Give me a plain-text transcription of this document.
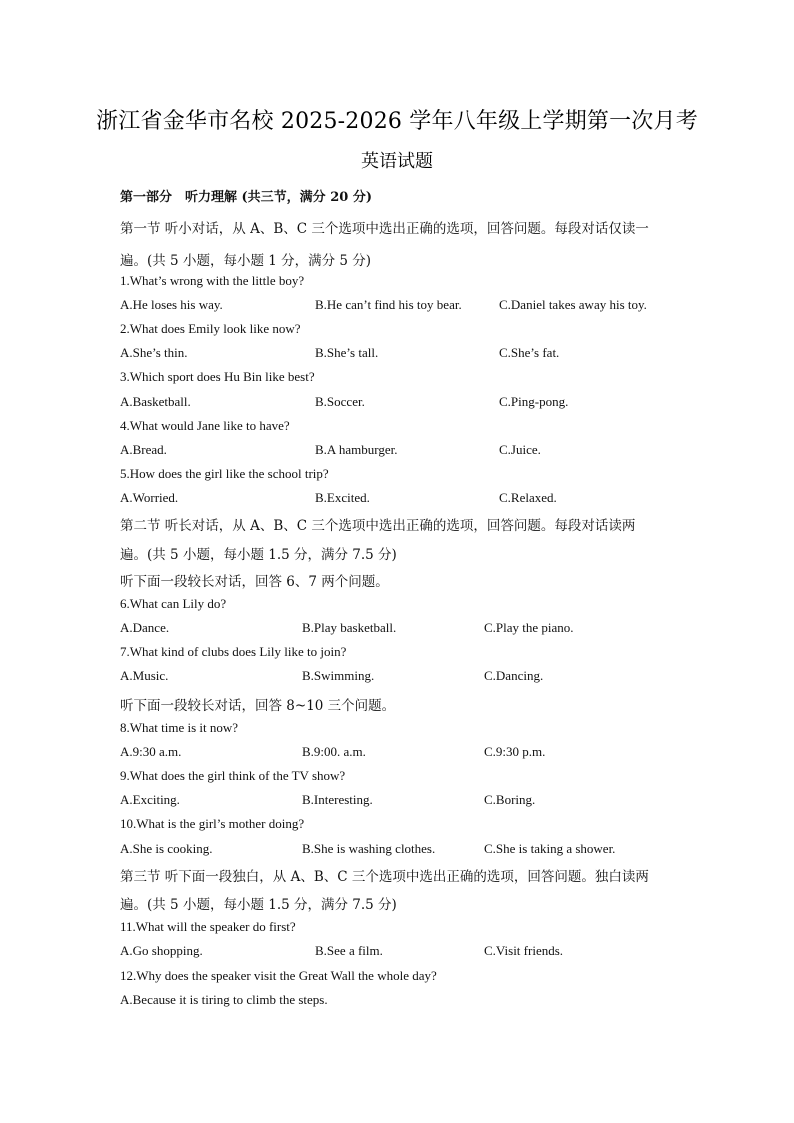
浙江省金华市名校 2025-2026 学年八年级上学期第一次月考
英语试题
第一部分　听力理解 (共三节，满分 20 分)
第一节 听小对话，从 A、B、C 三个选项中选出正确的选项，回答问题。每段对话仅读一
遍。(共 5 小题，每小题 1 分，满分 5 分)
1.What’s wrong with the little boy?
A.He loses his way.	B.He can’t find his toy bear.	C.Daniel takes away his toy.
2.What does Emily look like now?
A.She’s thin.	B.She’s tall.	C.She’s fat.
3.Which sport does Hu Bin like best?
A.Basketball.	B.Soccer.	C.Ping-pong.
4.What would Jane like to have?
A.Bread.	B.A hamburger.	C.Juice.
5.How does the girl like the school trip?
A.Worried.	B.Excited.	C.Relaxed.
第二节 听长对话，从 A、B、C 三个选项中选出正确的选项，回答问题。每段对话读两
遍。(共 5 小题，每小题 1.5 分，满分 7.5 分)
听下面一段较长对话，回答 6、7 两个问题。
6.What can Lily do?
A.Dance.	B.Play basketball.	C.Play the piano.
7.What kind of clubs does Lily like to join?
A.Music.	B.Swimming.	C.Dancing.
听下面一段较长对话，回答 8~10 三个问题。
8.What time is it now?
A.9:30 a.m.	B.9:00. a.m.	C.9:30 p.m.
9.What does the girl think of the TV show?
A.Exciting.	B.Interesting.	C.Boring.
10.What is the girl’s mother doing?
A.She is cooking.	B.She is washing clothes.	C.She is taking a shower.
第三节 听下面一段独白，从 A、B、C 三个选项中选出正确的选项，回答问题。独白读两
遍。(共 5 小题，每小题 1.5 分，满分 7.5 分)
11.What will the speaker do first?
A.Go shopping.	B.See a film.	C.Visit friends.
12.Why does the speaker visit the Great Wall the whole day?
A.Because it is tiring to climb the steps.
